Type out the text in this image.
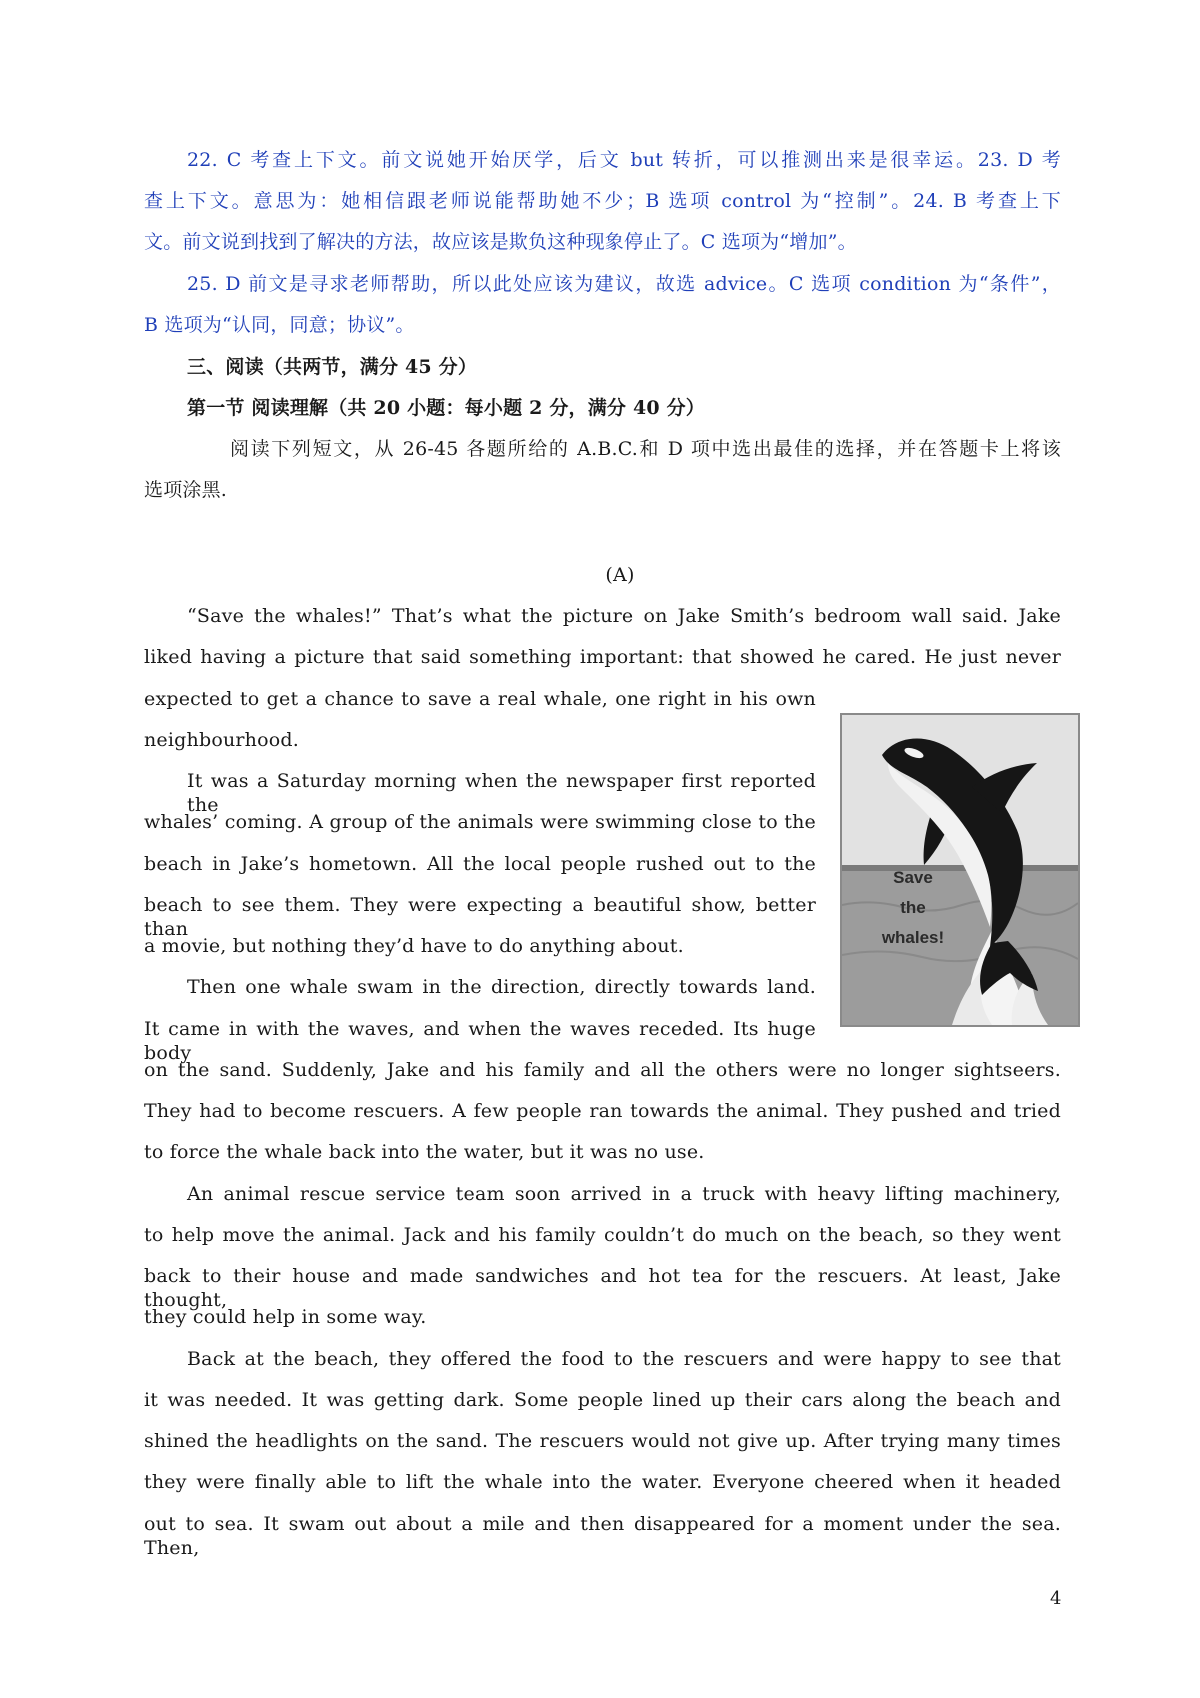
22. C 考查上下文。前文说她开始厌学，后文 but 转折，可以推测出来是很幸运。23. D 考
查上下文。意思为：她相信跟老师说能帮助她不少；B 选项 control 为“控制”。24. B 考查上下
文。前文说到找到了解决的方法，故应该是欺负这种现象停止了。C 选项为“增加”。
25. D 前文是寻求老师帮助，所以此处应该为建议，故选 advice。C 选项 condition 为“条件”，
B 选项为“认同，同意；协议”。
三、阅读（共两节，满分 45 分）
第一节 阅读理解（共 20 小题：每小题 2 分，满分 40 分）
阅读下列短文，从 26-45 各题所给的 A.B.C.和 D 项中选出最佳的选择，并在答题卡上将该
选项涂黑.
(A)
“Save the whales!” That’s what the picture on Jake Smith’s bedroom wall said. Jake
liked having a picture that said something important: that showed he cared. He just never
expected to get a chance to save a real whale, one right in his own
neighbourhood.
It was a Saturday morning when the newspaper first reported the
whales’ coming. A group of the animals were swimming close to the
beach in Jake’s hometown. All the local people rushed out to the
beach to see them. They were expecting a beautiful show, better than
a movie, but nothing they’d have to do anything about.
Then one whale swam in the direction, directly towards land.
It came in with the waves, and when the waves receded. Its huge body
on the sand. Suddenly, Jake and his family and all the others were no longer sightseers.
They had to become rescuers. A few people ran towards the animal. They pushed and tried
to force the whale back into the water, but it was no use.
An animal rescue service team soon arrived in a truck with heavy lifting machinery,
to help move the animal. Jack and his family couldn’t do much on the beach, so they went
back to their house and made sandwiches and hot tea for the rescuers. At least, Jake thought,
they could help in some way.
Back at the beach, they offered the food to the rescuers and were happy to see that
it was needed. It was getting dark. Some people lined up their cars along the beach and
shined the headlights on the sand. The rescuers would not give up. After trying many times
they were finally able to lift the whale into the water. Everyone cheered when it headed
out to sea. It swam out about a mile and then disappeared for a moment under the sea. Then,
Save
the
whales!
4
